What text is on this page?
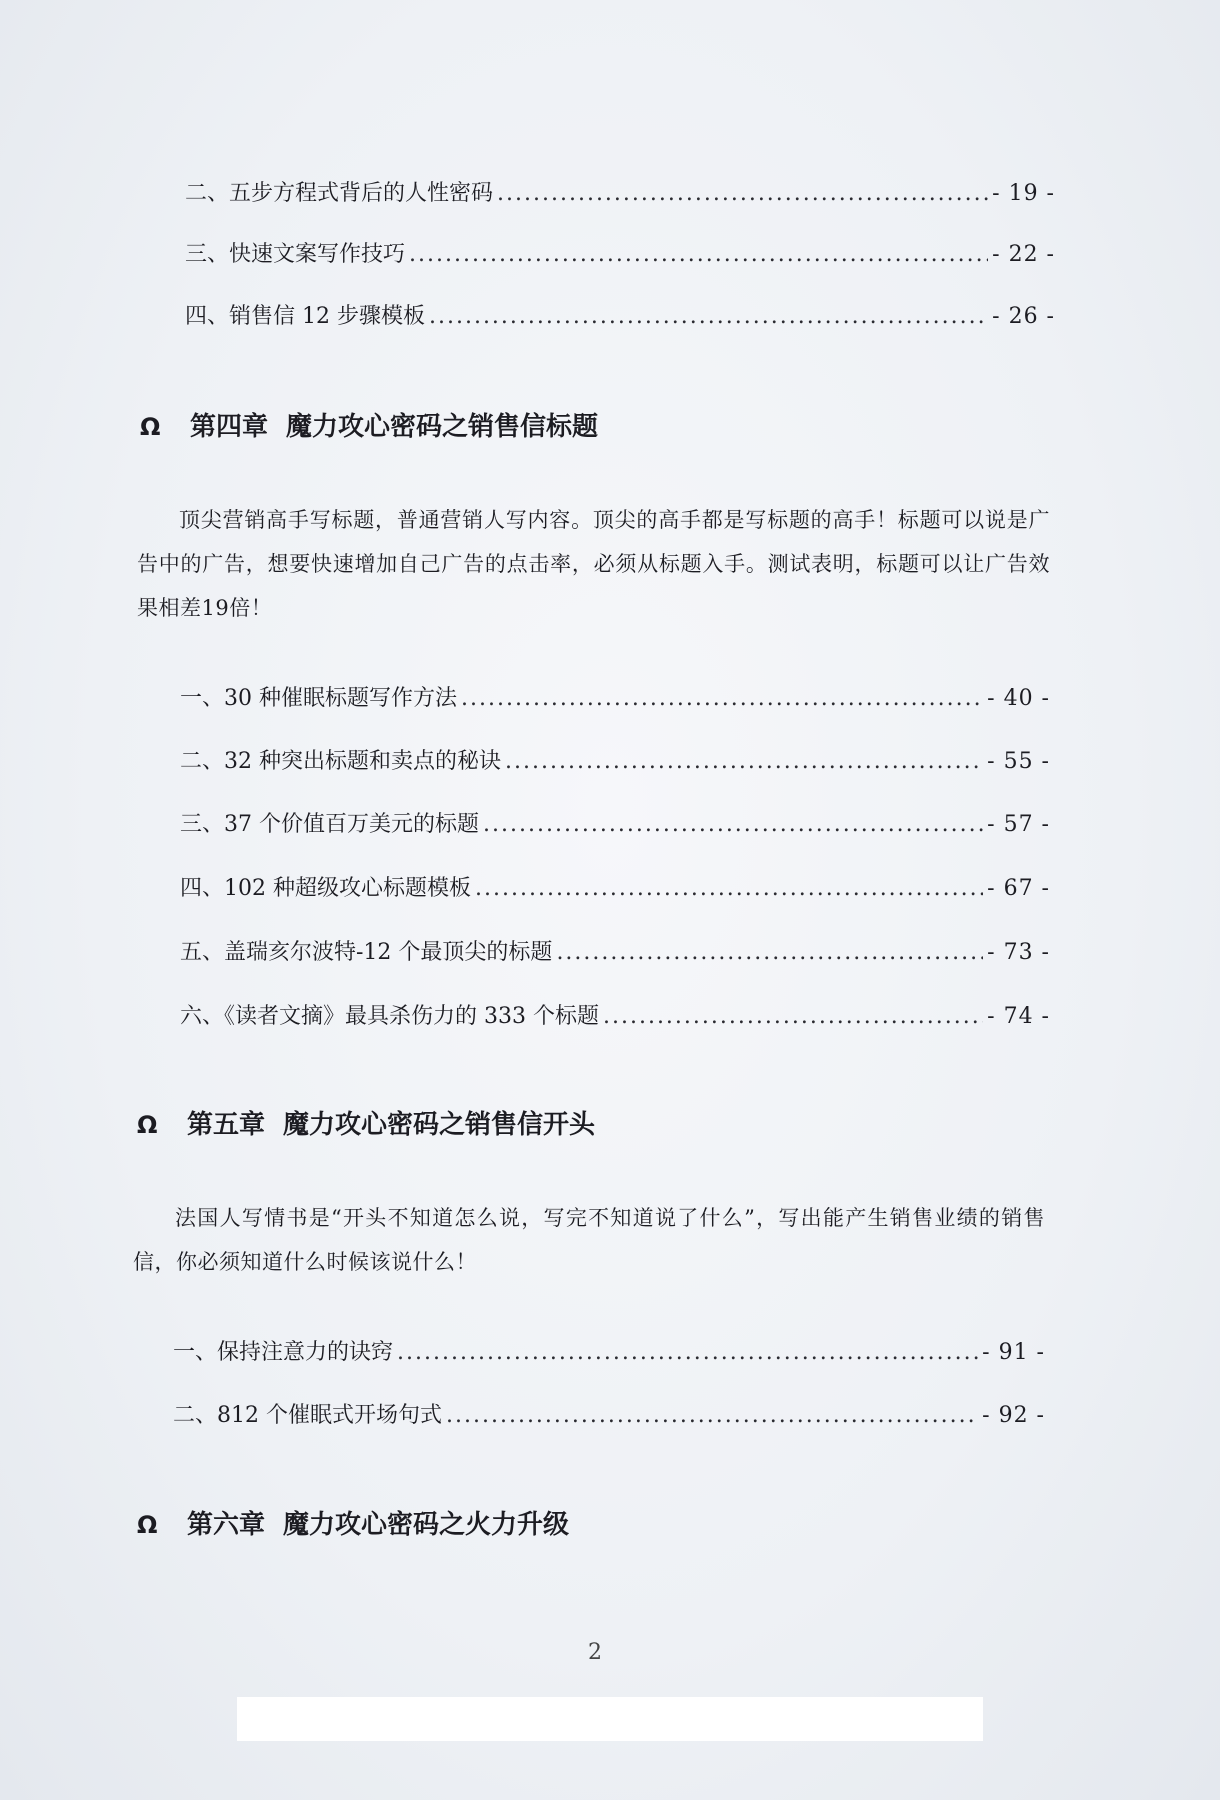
二、五步方程式背后的人性密码 .....	- 19 -
三、快速文案写作技巧 .....	- 22 -
四、销售信 12 步骤模板 .....	- 26 -
Ω	第四章 魔力攻心密码之销售信标题
顶尖营销高手写标题，普通营销人写内容。顶尖的高手都是写标题的高手！标题可以说是广告中的广告，想要快速增加自己广告的点击率，必须从标题入手。测试表明，标题可以让广告效果相差19倍！
一、30 种催眠标题写作方法 .....	- 40 -
二、32 种突出标题和卖点的秘诀 .....	- 55 -
三、37 个价值百万美元的标题 .....	- 57 -
四、102 种超级攻心标题模板 .....	- 67 -
五、盖瑞亥尔波特-12 个最顶尖的标题 .....	- 73 -
六、《读者文摘》最具杀伤力的 333 个标题 .....	- 74 -
Ω	第五章 魔力攻心密码之销售信开头
法国人写情书是“开头不知道怎么说，写完不知道说了什么”，写出能产生销售业绩的销售信，你必须知道什么时候该说什么！
一、保持注意力的诀窍 .....	- 91 -
二、812 个催眠式开场句式 .....	- 92 -
Ω	第六章 魔力攻心密码之火力升级
2
